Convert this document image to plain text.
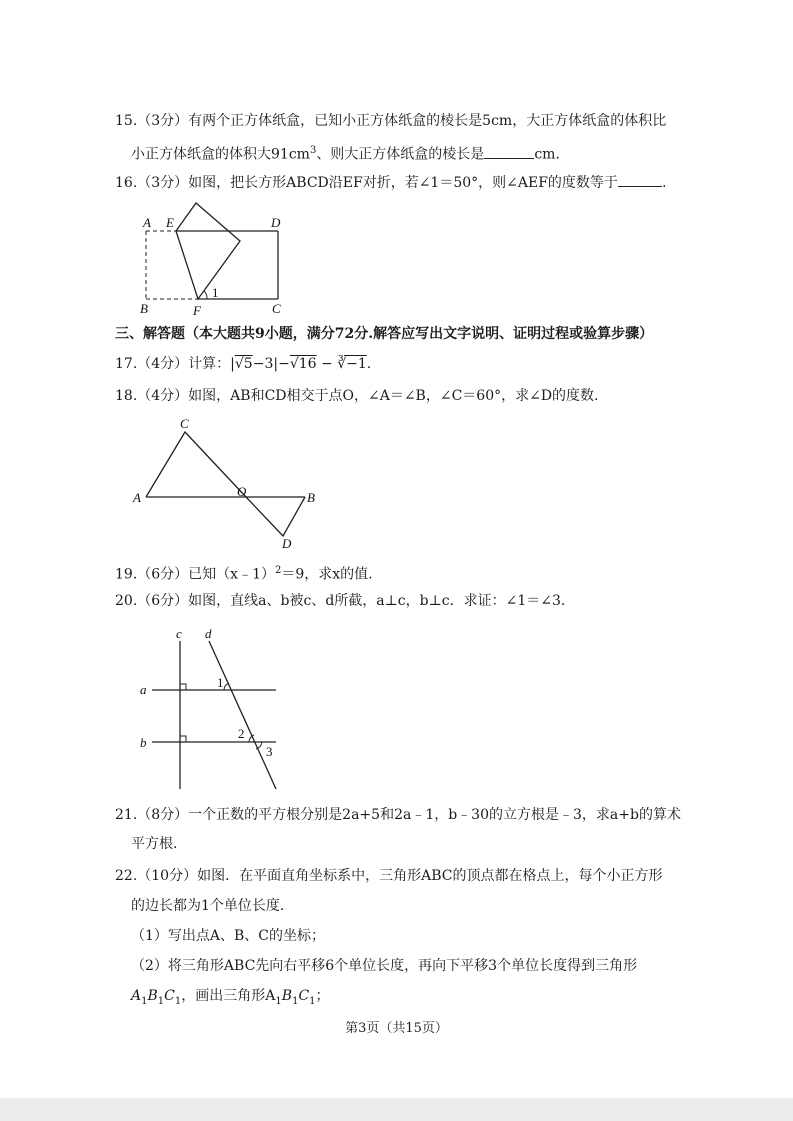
15.（3分）有两个正方体纸盒，已知小正方体纸盒的棱长是5cm，大正方体纸盒的体积比
小正方体纸盒的体积大$91cm^3$、则大正方体纸盒的棱长是	cm.
16.（3分）如图，把长方形ABCD沿EF对折，若∠1＝50°，则∠AEF的度数等于	.
A E	D
B	F	C
1
三、解答题（本大题共9小题，满分72分.解答应写出文字说明、证明过程或验算步骤）
17.（4分）计算：|√5−3|−√16 − ∛−1.
18.（4分）如图，AB和CD相交于点O，∠A＝∠B，∠C＝60°，求∠D的度数.
C
A	O	B
D
19.（6分）已知（x﹣1）$^2$＝9，求x的值.
20.（6分）如图，直线a、b被c、d所截，a⊥c，b⊥c．求证：∠1＝∠3.
c d
a
b
1
2
3
21.（8分）一个正数的平方根分别是2a+5和2a﹣1，b﹣30的立方根是﹣3，求a+b的算术
平方根.
22.（10分）如图．在平面直角坐标系中，三角形ABC的顶点都在格点上，每个小正方形
的边长都为1个单位长度.
（1）写出点A、B、C的坐标；
（2）将三角形ABC先向右平移6个单位长度，再向下平移3个单位长度得到三角形
$A_1B_1C_1$，画出三角形$A_1B_1C_1$；
第3页（共15页）
